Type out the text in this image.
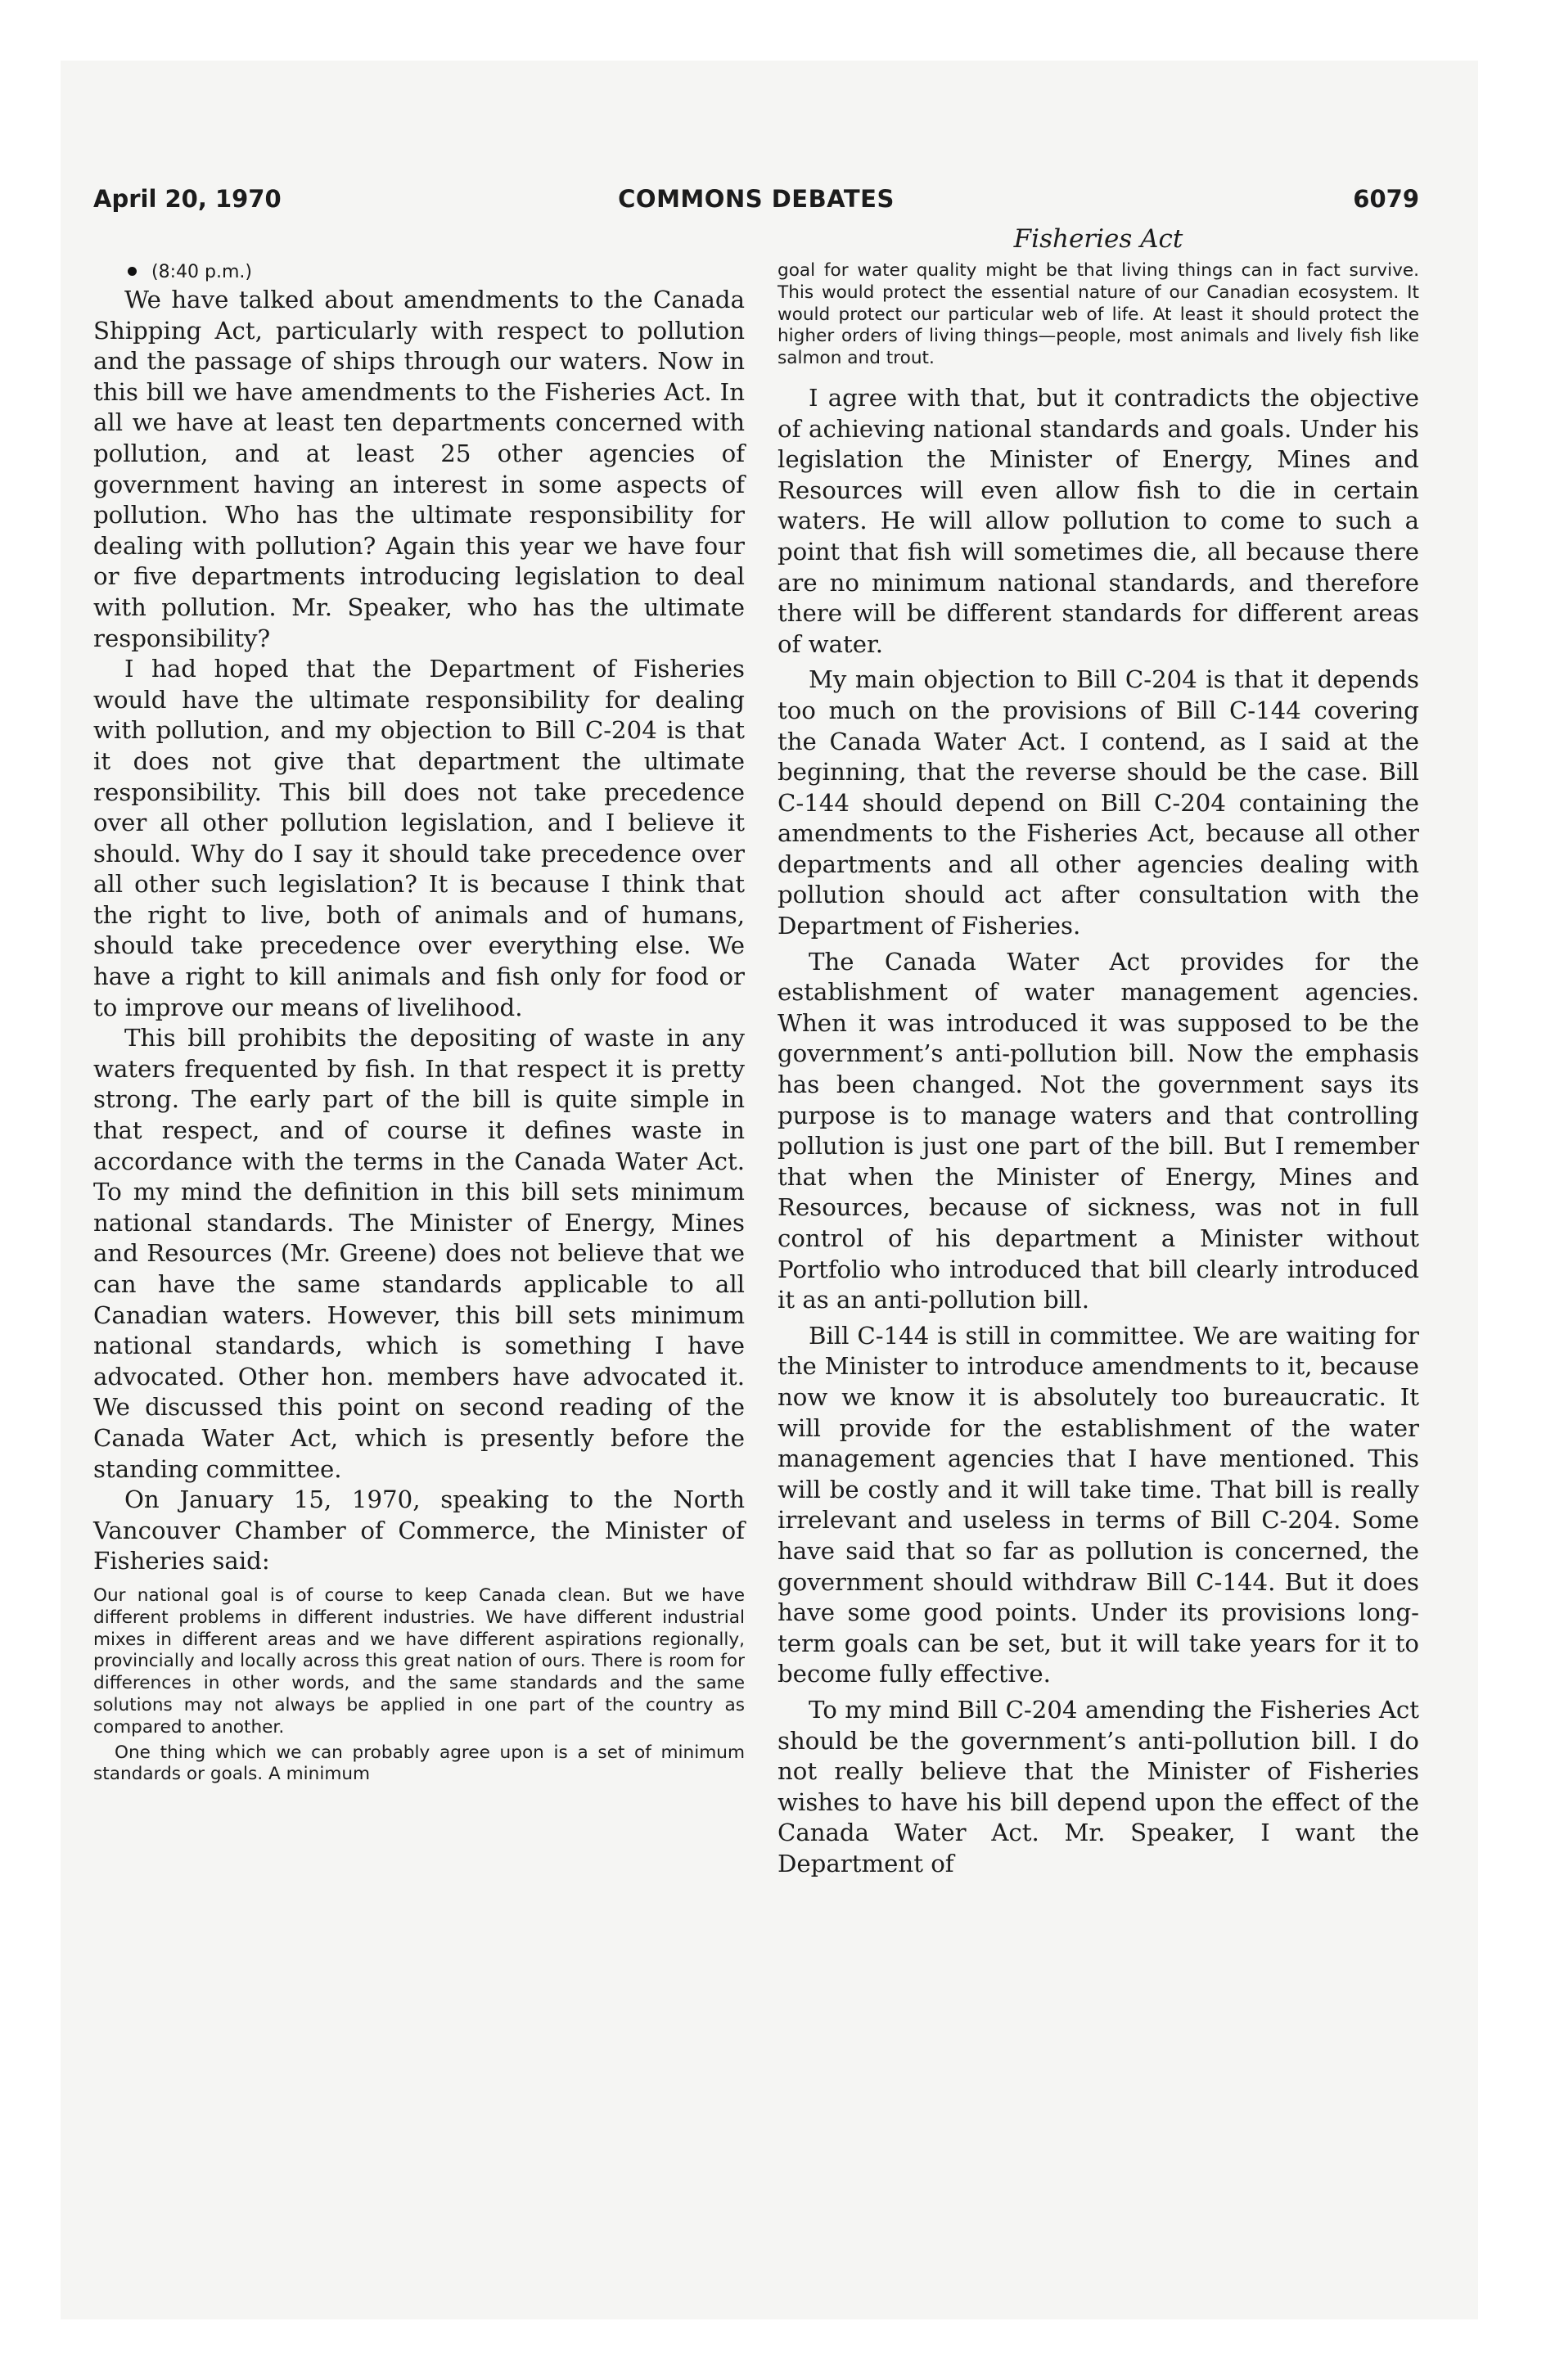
April 20, 1970	COMMONS DEBATES	6079
Fisheries Act

(8:40 p.m.)

We have talked about amendments to the Canada Shipping Act, particularly with respect to pollution and the passage of ships through our waters. Now in this bill we have amendments to the Fisheries Act. In all we have at least ten departments concerned with pollution, and at least 25 other agencies of government having an interest in some aspects of pollution. Who has the ultimate responsibility for dealing with pollution? Again this year we have four or five departments introducing legislation to deal with pollution. Mr. Speaker, who has the ultimate responsibility?

I had hoped that the Department of Fisheries would have the ultimate responsibility for dealing with pollution, and my objection to Bill C-204 is that it does not give that department the ultimate responsibility. This bill does not take precedence over all other pollution legislation, and I believe it should. Why do I say it should take precedence over all other such legislation? It is because I think that the right to live, both of animals and of humans, should take precedence over everything else. We have a right to kill animals and fish only for food or to improve our means of livelihood.

This bill prohibits the depositing of waste in any waters frequented by fish. In that respect it is pretty strong. The early part of the bill is quite simple in that respect, and of course it defines waste in accordance with the terms in the Canada Water Act. To my mind the definition in this bill sets minimum national standards. The Minister of Energy, Mines and Resources (Mr. Greene) does not believe that we can have the same standards applicable to all Canadian waters. However, this bill sets minimum national standards, which is something I have advocated. Other hon. members have advocated it. We discussed this point on second reading of the Canada Water Act, which is presently before the standing committee.

On January 15, 1970, speaking to the North Vancouver Chamber of Commerce, the Minister of Fisheries said:

Our national goal is of course to keep Canada clean. But we have different problems in different industries. We have different industrial mixes in different areas and we have different aspirations regionally, provincially and locally across this great nation of ours. There is room for differences in other words, and the same standards and the same solutions may not always be applied in one part of the country as compared to another.

One thing which we can probably agree upon is a set of minimum standards or goals. A minimum

goal for water quality might be that living things can in fact survive. This would protect the essential nature of our Canadian ecosystem. It would protect our particular web of life. At least it should protect the higher orders of living things—people, most animals and lively fish like salmon and trout.

I agree with that, but it contradicts the objective of achieving national standards and goals. Under his legislation the Minister of Energy, Mines and Resources will even allow fish to die in certain waters. He will allow pollution to come to such a point that fish will sometimes die, all because there are no minimum national standards, and therefore there will be different standards for different areas of water.

My main objection to Bill C-204 is that it depends too much on the provisions of Bill C-144 covering the Canada Water Act. I contend, as I said at the beginning, that the reverse should be the case. Bill C-144 should depend on Bill C-204 containing the amendments to the Fisheries Act, because all other departments and all other agencies dealing with pollution should act after consultation with the Department of Fisheries.

The Canada Water Act provides for the establishment of water management agencies. When it was introduced it was supposed to be the government’s anti-pollution bill. Now the emphasis has been changed. Not the government says its purpose is to manage waters and that controlling pollution is just one part of the bill. But I remember that when the Minister of Energy, Mines and Resources, because of sickness, was not in full control of his department a Minister without Portfolio who introduced that bill clearly introduced it as an anti-pollution bill.

Bill C-144 is still in committee. We are waiting for the Minister to introduce amendments to it, because now we know it is absolutely too bureaucratic. It will provide for the establishment of the water management agencies that I have mentioned. This will be costly and it will take time. That bill is really irrelevant and useless in terms of Bill C-204. Some have said that so far as pollution is concerned, the government should withdraw Bill C-144. But it does have some good points. Under its provisions long-term goals can be set, but it will take years for it to become fully effective.

To my mind Bill C-204 amending the Fisheries Act should be the government’s anti-pollution bill. I do not really believe that the Minister of Fisheries wishes to have his bill depend upon the effect of the Canada Water Act. Mr. Speaker, I want the Department of
